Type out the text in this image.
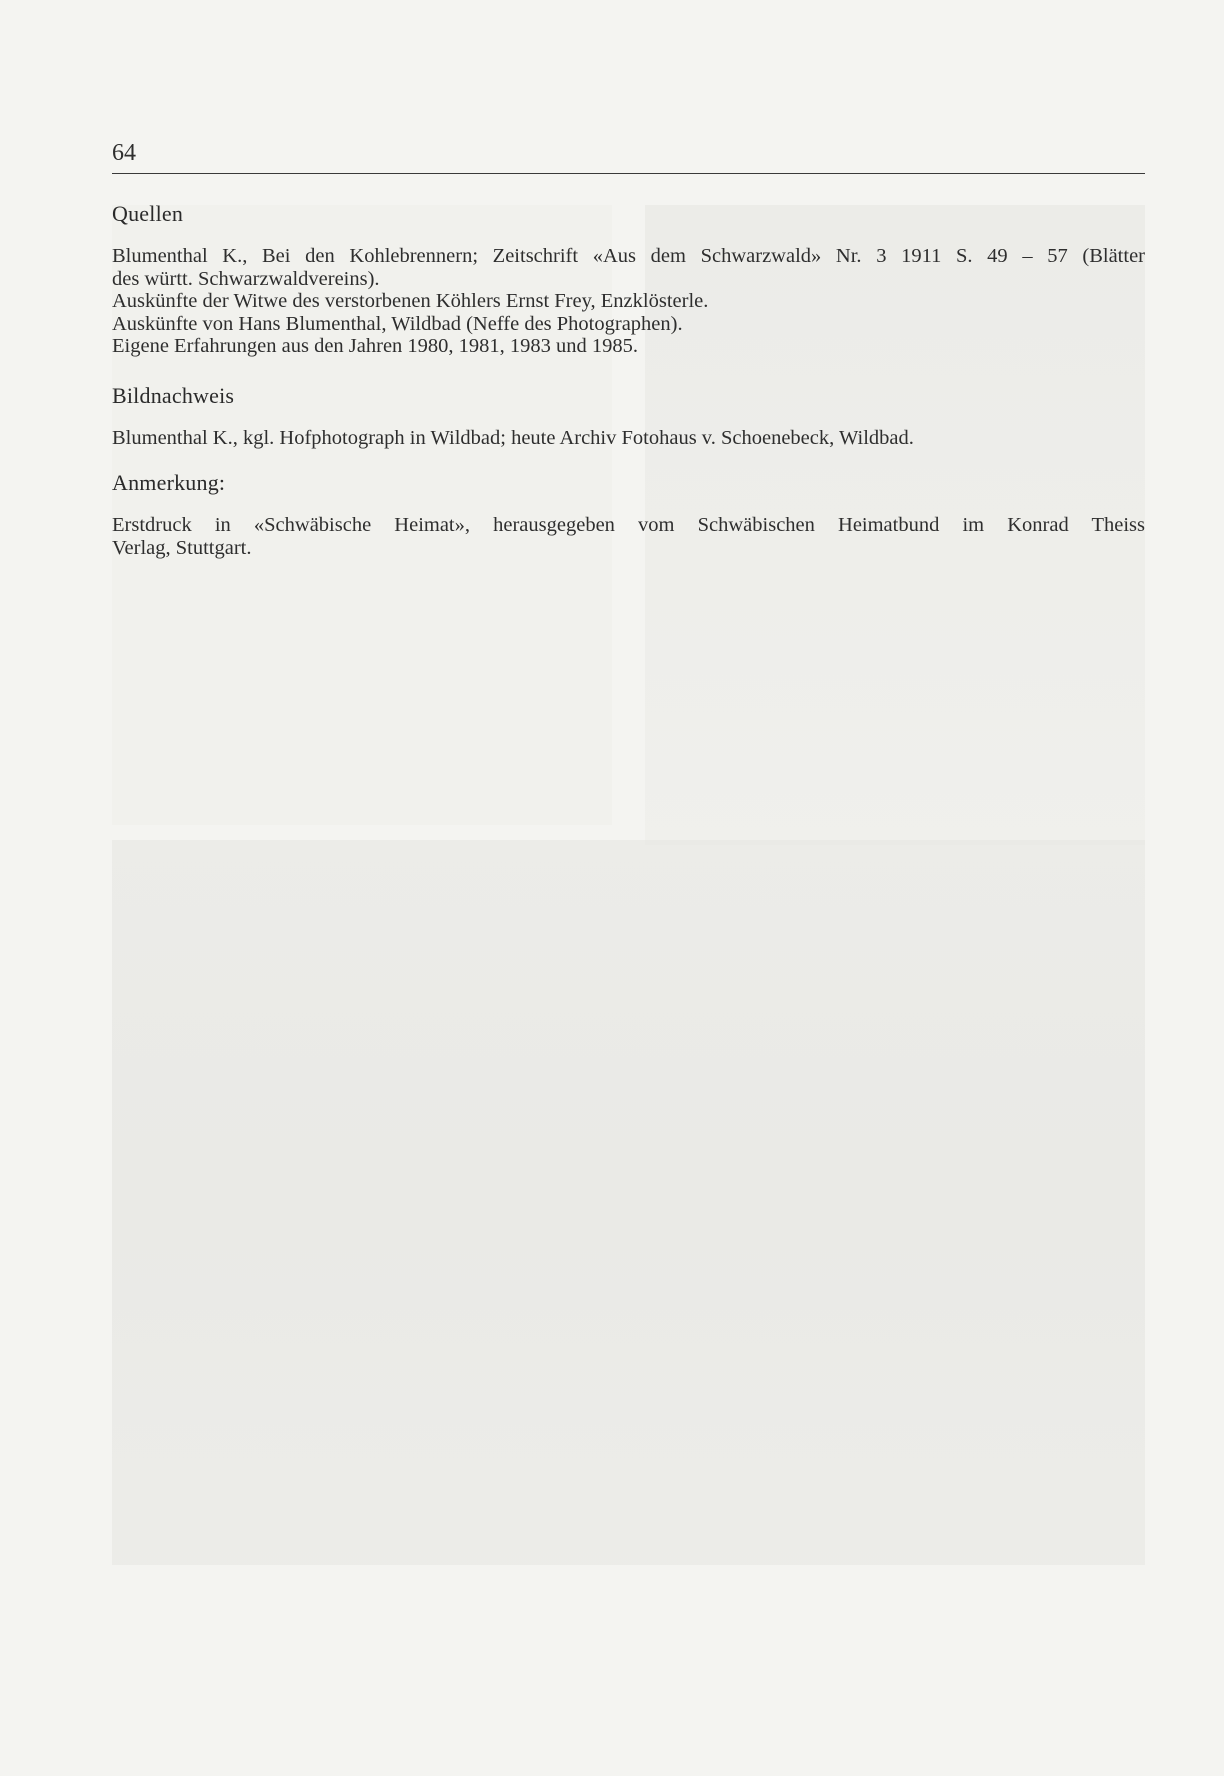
64
Quellen
Blumenthal K., Bei den Kohlebrennern; Zeitschrift «Aus dem Schwarzwald» Nr. 3 1911 S. 49 – 57 (Blätter
des württ. Schwarzwaldvereins).
Auskünfte der Witwe des verstorbenen Köhlers Ernst Frey, Enzklösterle.
Auskünfte von Hans Blumenthal, Wildbad (Neffe des Photographen).
Eigene Erfahrungen aus den Jahren 1980, 1981, 1983 und 1985.
Bildnachweis
Blumenthal K., kgl. Hofphotograph in Wildbad; heute Archiv Fotohaus v. Schoenebeck, Wildbad.
Anmerkung:
Erstdruck in «Schwäbische Heimat», herausgegeben vom Schwäbischen Heimatbund im Konrad Theiss
Verlag, Stuttgart.
